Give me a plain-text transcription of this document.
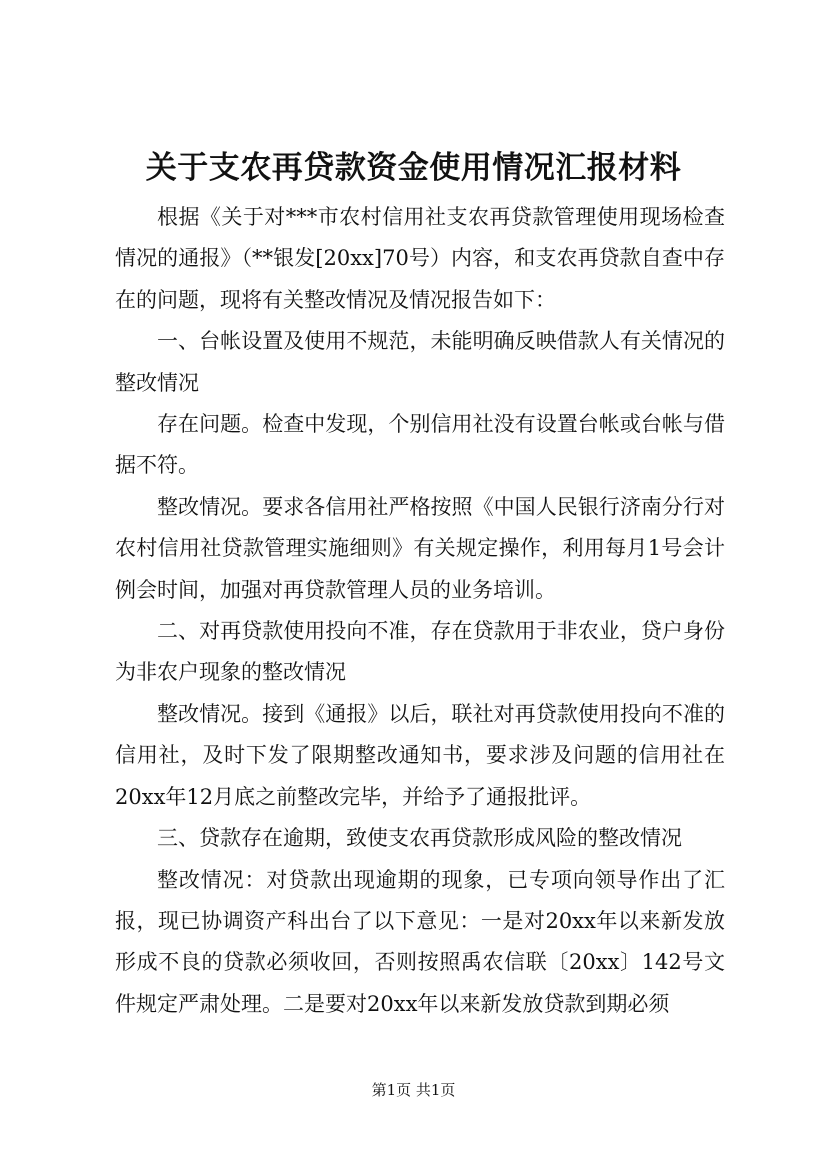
关于支农再贷款资金使用情况汇报材料

根据《关于对***市农村信用社支农再贷款管理使用现场检查情况的通报》（**银发[20xx]70号）内容，和支农再贷款自查中存在的问题，现将有关整改情况及情况报告如下：

一、台帐设置及使用不规范，未能明确反映借款人有关情况的整改情况

存在问题。检查中发现，个别信用社没有设置台帐或台帐与借据不符。

整改情况。要求各信用社严格按照《中国人民银行济南分行对农村信用社贷款管理实施细则》有关规定操作，利用每月1号会计例会时间，加强对再贷款管理人员的业务培训。

二、对再贷款使用投向不准，存在贷款用于非农业，贷户身份为非农户现象的整改情况

整改情况。接到《通报》以后，联社对再贷款使用投向不准的信用社，及时下发了限期整改通知书，要求涉及问题的信用社在20xx年12月底之前整改完毕，并给予了通报批评。

三、贷款存在逾期，致使支农再贷款形成风险的整改情况

整改情况：对贷款出现逾期的现象，已专项向领导作出了汇报，现已协调资产科出台了以下意见：一是对20xx年以来新发放形成不良的贷款必须收回，否则按照禹农信联〔20xx〕142号文件规定严肃处理。二是要对20xx年以来新发放贷款到期必须

第1页 共1页
